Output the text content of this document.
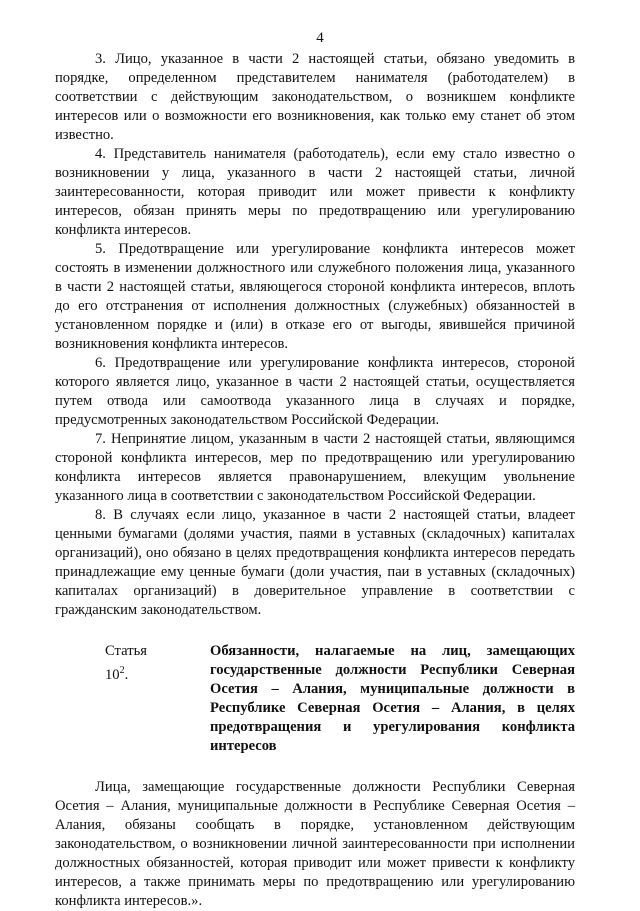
4

3. Лицо, указанное в части 2 настоящей статьи, обязано уведомить в порядке, определенном представителем нанимателя (работодателем) в соответствии с действующим законодательством, о возникшем конфликте интересов или о возможности его возникновения, как только ему станет об этом известно.

4. Представитель нанимателя (работодатель), если ему стало известно о возникновении у лица, указанного в части 2 настоящей статьи, личной заинтересованности, которая приводит или может привести к конфликту интересов, обязан принять меры по предотвращению или урегулированию конфликта интересов.

5. Предотвращение или урегулирование конфликта интересов может состоять в изменении должностного или служебного положения лица, указанного в части 2 настоящей статьи, являющегося стороной конфликта интересов, вплоть до его отстранения от исполнения должностных (служебных) обязанностей в установленном порядке и (или) в отказе его от выгоды, явившейся причиной возникновения конфликта интересов.

6. Предотвращение или урегулирование конфликта интересов, стороной которого является лицо, указанное в части 2 настоящей статьи, осуществляется путем отвода или самоотвода указанного лица в случаях и порядке, предусмотренных законодательством Российской Федерации.

7. Непринятие лицом, указанным в части 2 настоящей статьи, являющимся стороной конфликта интересов, мер по предотвращению или урегулированию конфликта интересов является правонарушением, влекущим увольнение указанного лица в соответствии с законодательством Российской Федерации.

8. В случаях если лицо, указанное в части 2 настоящей статьи, владеет ценными бумагами (долями участия, паями в уставных (складочных) капиталах организаций), оно обязано в целях предотвращения конфликта интересов передать принадлежащие ему ценные бумаги (доли участия, паи в уставных (складочных) капиталах организаций) в доверительное управление в соответствии с гражданским законодательством.

Статья $10^2$.
Обязанности, налагаемые на лиц, замещающих государственные должности Республики Северная Осетия – Алания, муниципальные должности в Республике Северная Осетия – Алания, в целях предотвращения и урегулирования конфликта интересов

Лица, замещающие государственные должности Республики Северная Осетия – Алания, муниципальные должности в Республике Северная Осетия – Алания, обязаны сообщать в порядке, установленном действующим законодательством, о возникновении личной заинтересованности при исполнении должностных обязанностей, которая приводит или может привести к конфликту интересов, а также принимать меры по предотвращению или урегулированию конфликта интересов.».
